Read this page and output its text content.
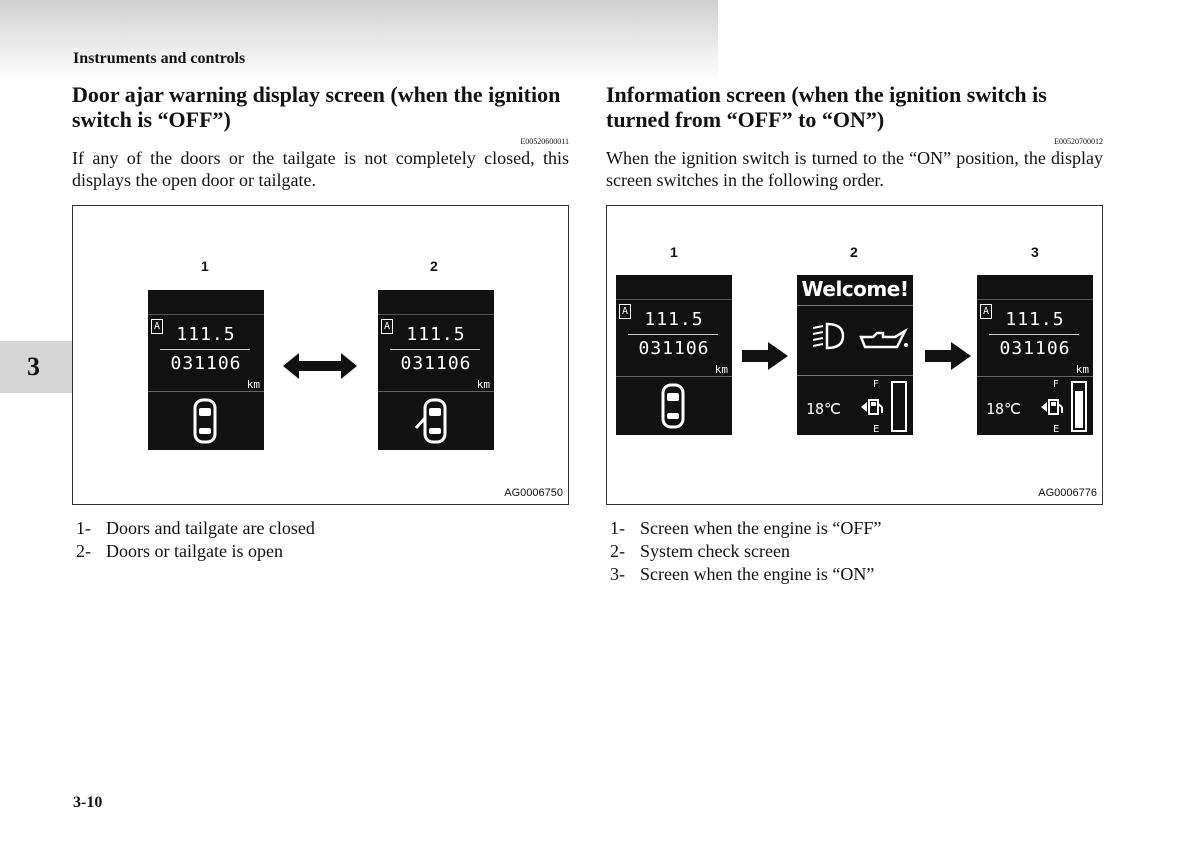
Instruments and controls
3
3-10
Door ajar warning display screen (when the ignition switch is “OFF”)
E00520600011

If any of the doors or the tailgate is not completely closed, this displays the open door or tailgate.

1	2
A 111.5
031106
km
A 111.5
031106
km
AG0006750
1- Doors and tailgate are closed
2- Doors or tailgate is open
Information screen (when the ignition switch is turned from “OFF” to “ON”)
E00520700012

When the ignition switch is turned to the “ON” position, the display screen switches in the following order.

1	2	3
A 111.5
031106
km
Welcome!
18℃
F
E
A 111.5
031106
km
18℃
F
E
AG0006776
1- Screen when the engine is “OFF”
2- System check screen
3- Screen when the engine is “ON”
